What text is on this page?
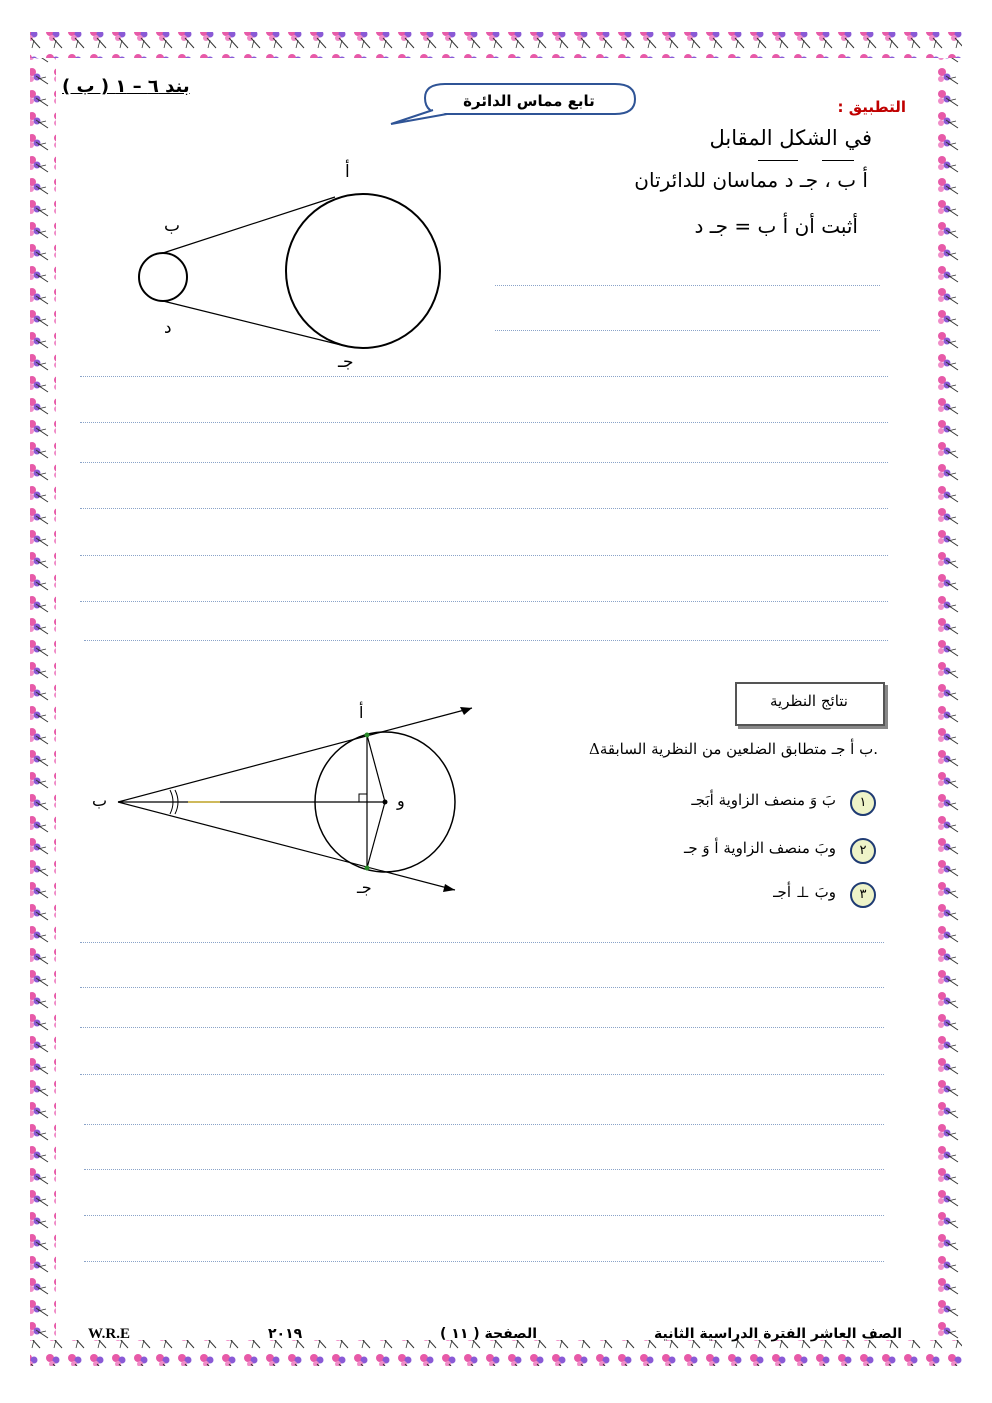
بند ٦ – ١ ( ب )
تابع مماس الدائرة	التطبيق :
في الشكل المقابل
ﺃ ب ، جـ د مماسان للدائرتان
أثبت أن ﺃ ب = جـ د
ﺃ
ب
د
جـ
نتائج النظرية
Δب ﺃ جـ متطابق الضلعين من النظرية السابقة.
١
بَ وَ منصف الزاوية ﺃبَجـ
٢
وبَ منصف الزاوية ﺃ وَ جـ
٣
وبَ ⊥ ﺃجـ
ﺃ
ب	و
جـ
الصف العاشر الفترة الدراسية الثانية
الصفحة ( ١١ )
٢٠١٩
W.R.E
